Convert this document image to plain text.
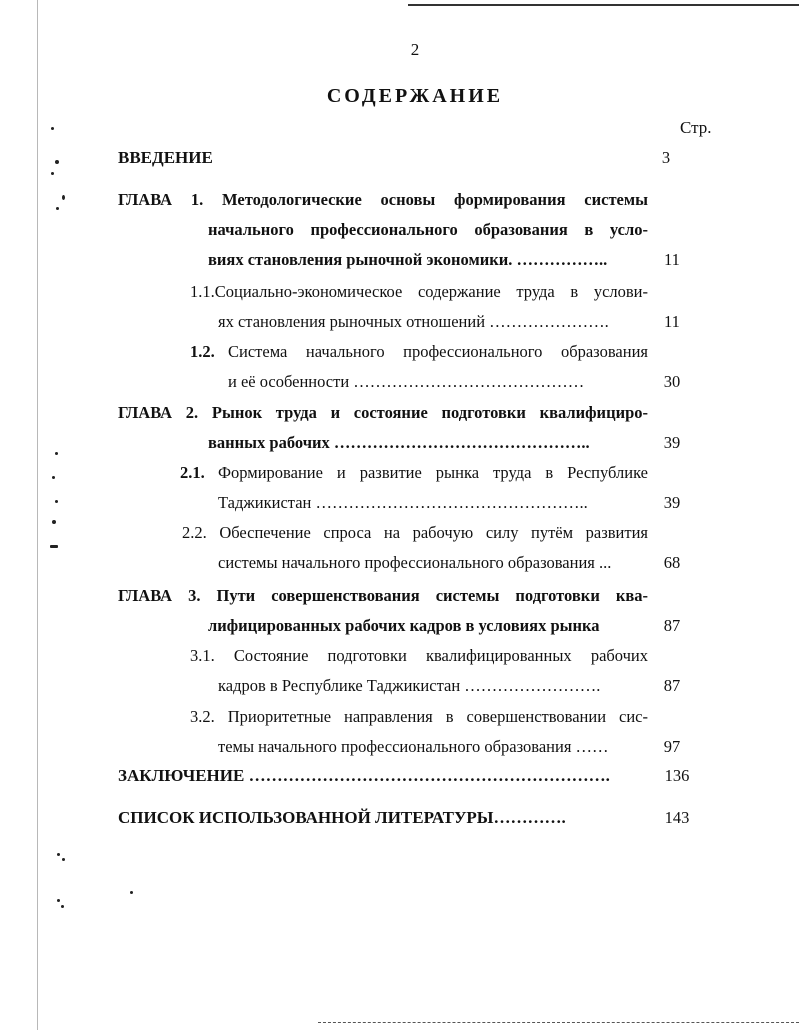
2
СОДЕРЖАНИЕ
Стр.
ВВЕДЕНИЕ	3
ГЛАВА 1. Методологические основы формирования системы
начального профессионального образования в усло-
виях становления рыночной экономики. ……………..	11
1.1.Социально-экономическое содержание труда в услови-
ях становления рыночных отношений ………………….	11
1.2. Система начального профессионального образования
и её особенности ……………………………………	30
ГЛАВА 2. Рынок труда и состояние подготовки квалифициро-
ванных рабочих ………………………………………..	39
2.1. Формирование и развитие рынка труда в Республике
Таджикистан …………………………………………..	39
2.2. Обеспечение спроса на рабочую силу путём развития
системы начального профессионального образования ...	68
ГЛАВА 3. Пути совершенствования системы подготовки ква-
лифицированных рабочих кадров в условиях рынка	87
3.1. Состояние подготовки квалифицированных рабочих
кадров в Республике Таджикистан …………………….	87
3.2. Приоритетные направления в совершенствовании сис-
темы начального профессионального образования ……	97
ЗАКЛЮЧЕНИЕ ……………………………………………………….	136
СПИСОК ИСПОЛЬЗОВАННОЙ ЛИТЕРАТУРЫ………….	143
